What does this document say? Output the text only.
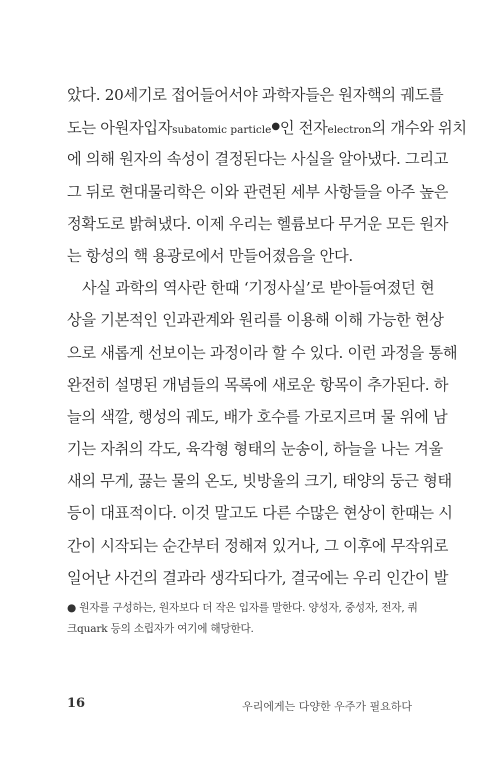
았다. 20세기로 접어들어서야 과학자들은 원자핵의 궤도를
도는 아원자입자subatomic particle●인 전자electron의 개수와 위치
에 의해 원자의 속성이 결정된다는 사실을 알아냈다. 그리고
그 뒤로 현대물리학은 이와 관련된 세부 사항들을 아주 높은
정확도로 밝혀냈다. 이제 우리는 헬륨보다 무거운 모든 원자
는 항성의 핵 용광로에서 만들어졌음을 안다.
사실 과학의 역사란 한때 ‘기정사실’로 받아들여졌던 현
상을 기본적인 인과관계와 원리를 이용해 이해 가능한 현상
으로 새롭게 선보이는 과정이라 할 수 있다. 이런 과정을 통해
완전히 설명된 개념들의 목록에 새로운 항목이 추가된다. 하
늘의 색깔, 행성의 궤도, 배가 호수를 가로지르며 물 위에 남
기는 자취의 각도, 육각형 형태의 눈송이, 하늘을 나는 겨울
새의 무게, 끓는 물의 온도, 빗방울의 크기, 태양의 둥근 형태
등이 대표적이다. 이것 말고도 다른 수많은 현상이 한때는 시
간이 시작되는 순간부터 정해져 있거나, 그 이후에 무작위로
일어난 사건의 결과라 생각되다가, 결국에는 우리 인간이 발
● 원자를 구성하는, 원자보다 더 작은 입자를 말한다. 양성자, 중성자, 전자, 쿼
크quark 등의 소립자가 여기에 해당한다.
16	우리에게는 다양한 우주가 필요하다
